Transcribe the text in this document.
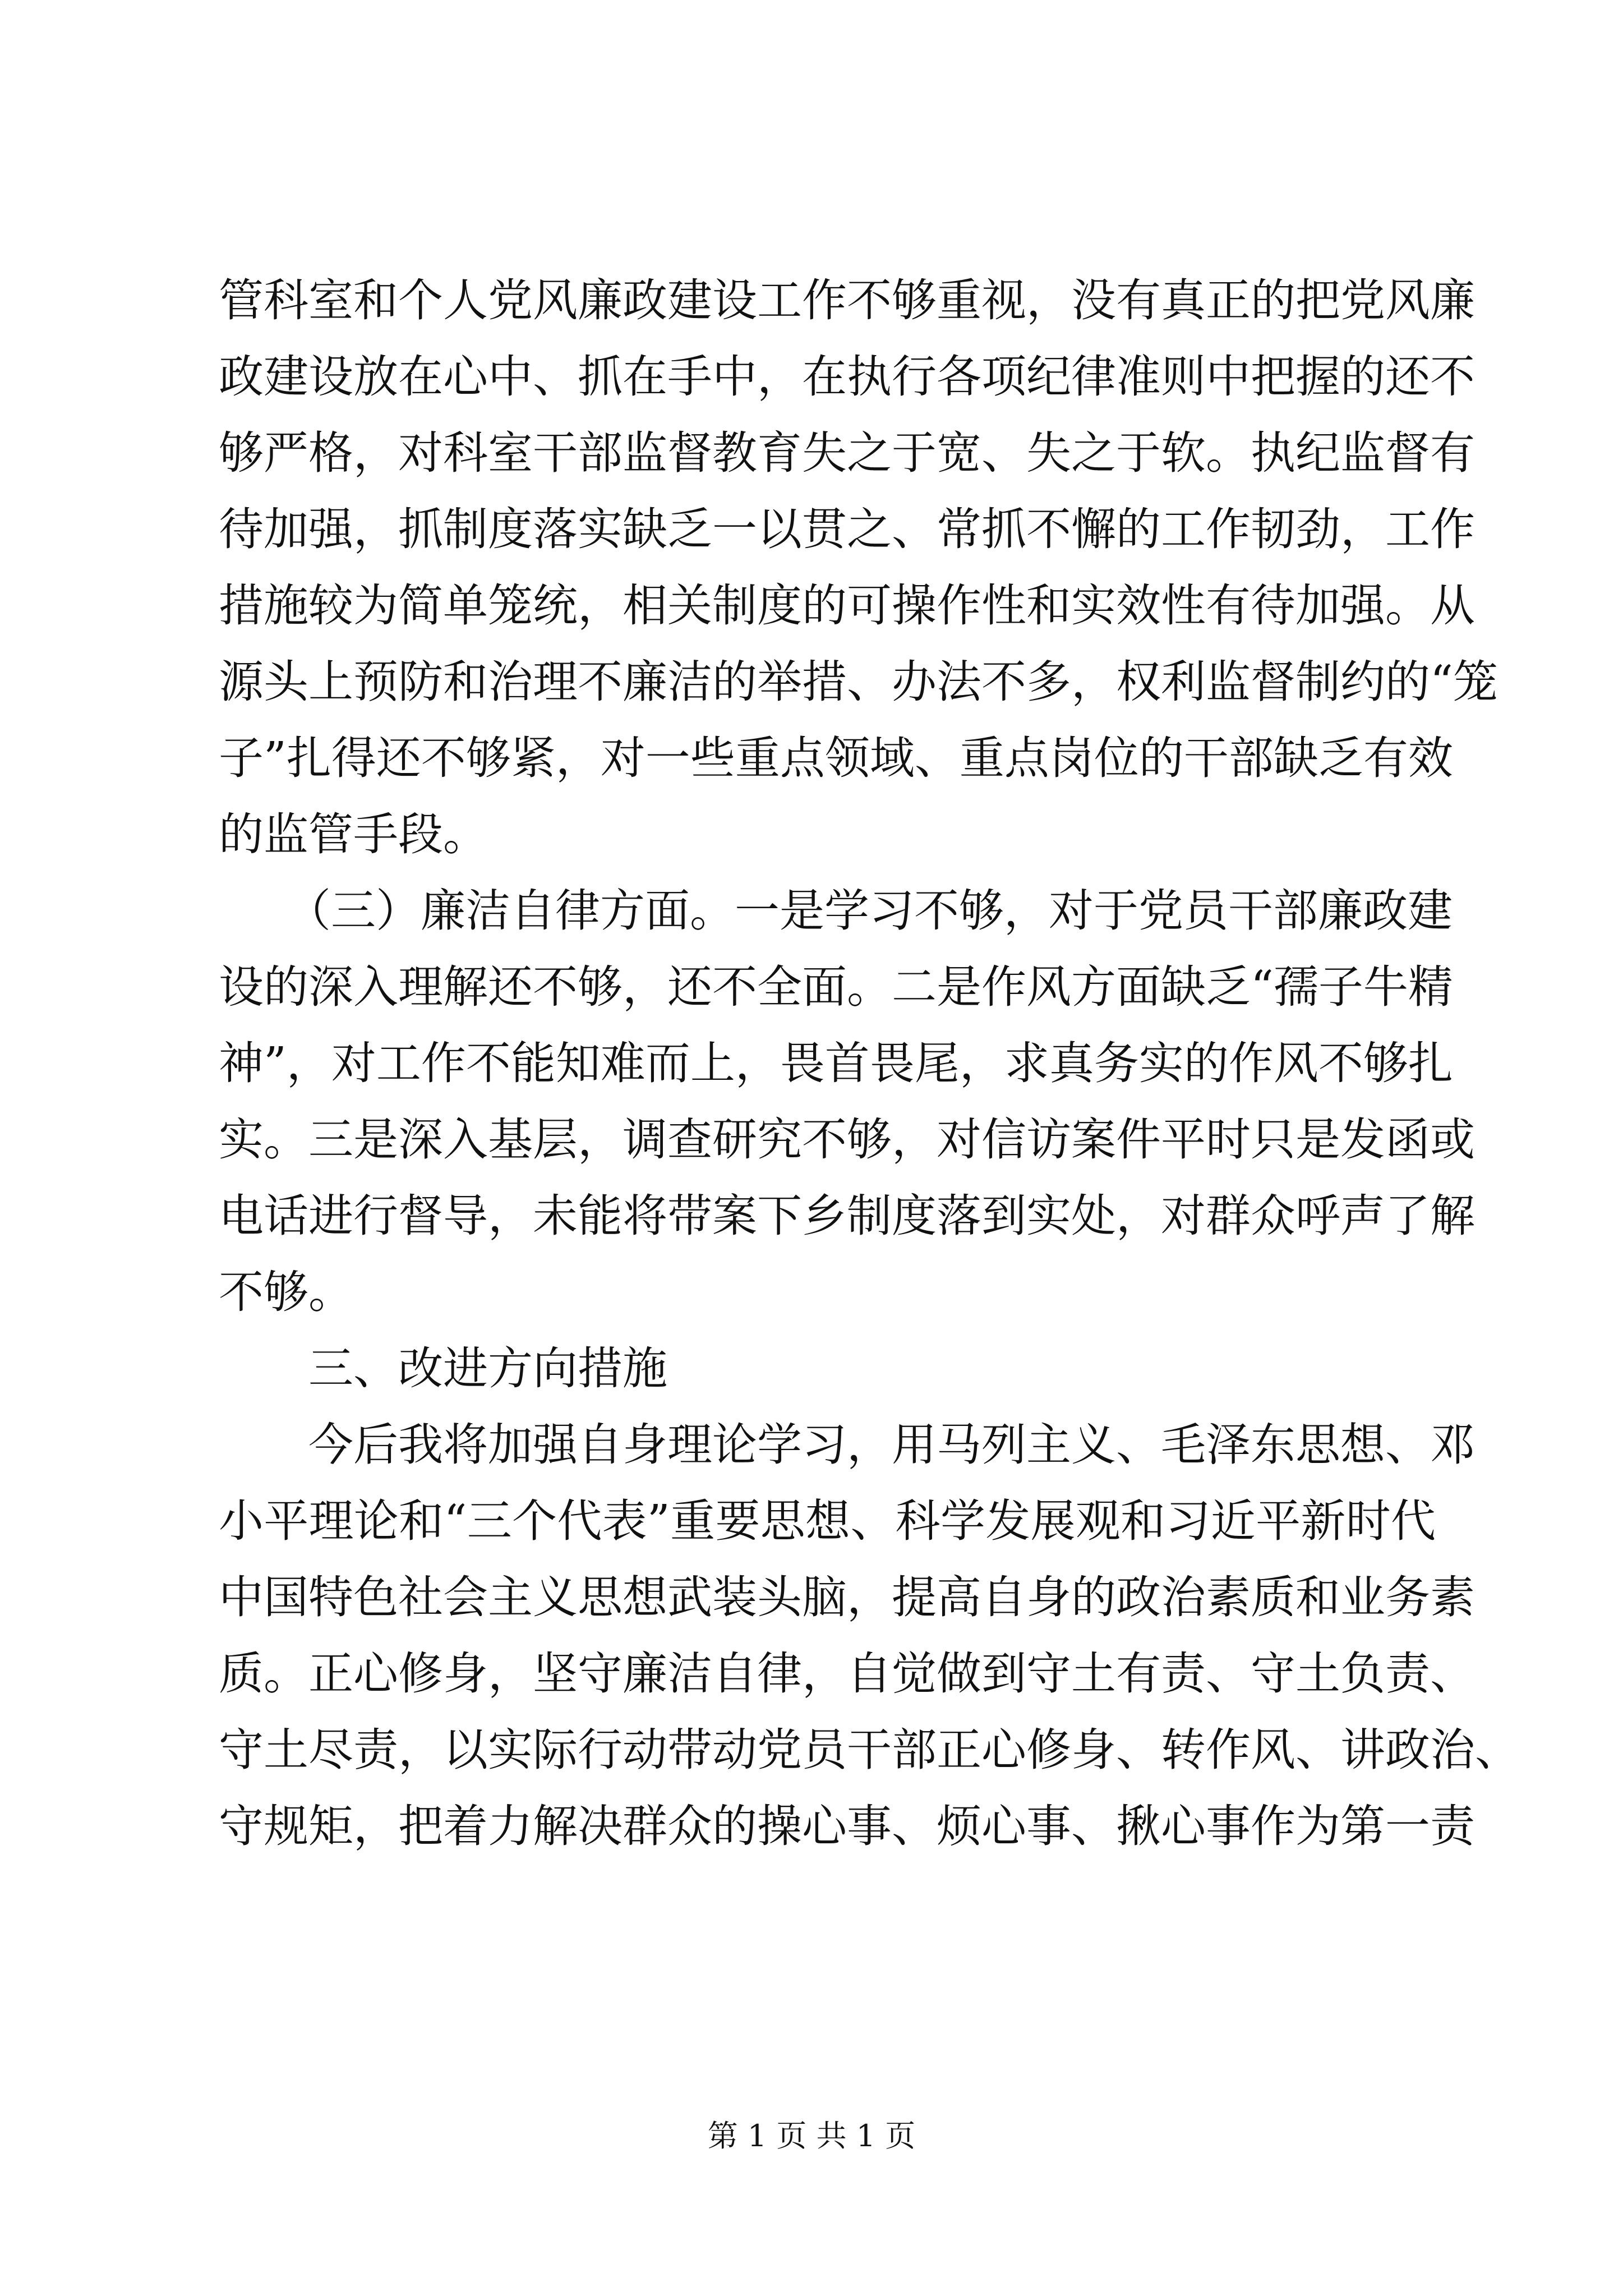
管科室和个人党风廉政建设工作不够重视，没有真正的把党风廉
政建设放在心中、抓在手中，在执行各项纪律准则中把握的还不
够严格，对科室干部监督教育失之于宽、失之于软。执纪监督有
待加强，抓制度落实缺乏一以贯之、常抓不懈的工作韧劲，工作
措施较为简单笼统，相关制度的可操作性和实效性有待加强。从
源头上预防和治理不廉洁的举措、办法不多，权利监督制约的“笼
子”扎得还不够紧，对一些重点领域、重点岗位的干部缺乏有效
的监管手段。
　　（三）廉洁自律方面。一是学习不够，对于党员干部廉政建
设的深入理解还不够，还不全面。二是作风方面缺乏“孺子牛精
神”，对工作不能知难而上，畏首畏尾，求真务实的作风不够扎
实。三是深入基层，调查研究不够，对信访案件平时只是发函或
电话进行督导，未能将带案下乡制度落到实处，对群众呼声了解
不够。
　　三、改进方向措施
　　今后我将加强自身理论学习，用马列主义、毛泽东思想、邓
小平理论和“三个代表”重要思想、科学发展观和习近平新时代
中国特色社会主义思想武装头脑，提高自身的政治素质和业务素
质。正心修身，坚守廉洁自律，自觉做到守土有责、守土负责、
守土尽责，以实际行动带动党员干部正心修身、转作风、讲政治、
守规矩，把着力解决群众的操心事、烦心事、揪心事作为第一责
第 1 页 共 1 页
